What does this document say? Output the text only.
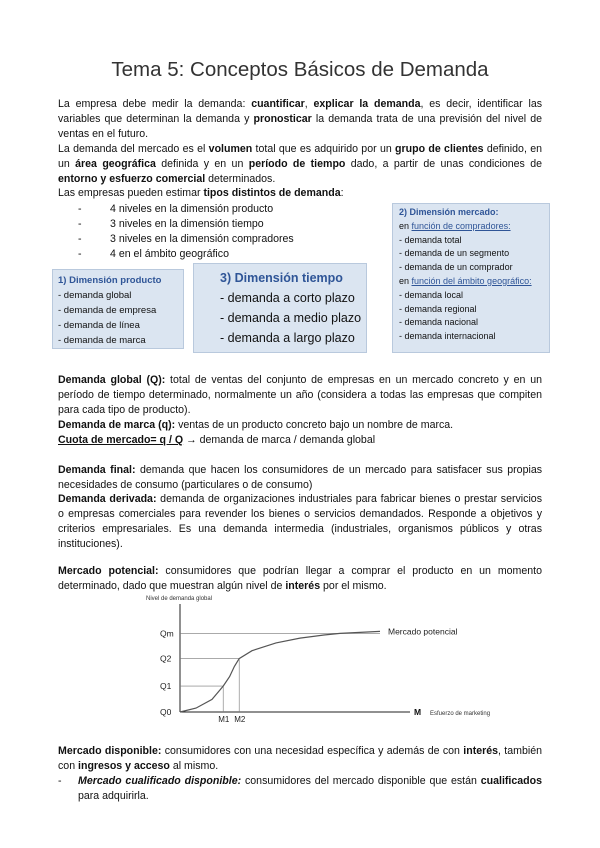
Tema 5: Conceptos Básicos de Demanda
La empresa debe medir la demanda: cuantificar, explicar la demanda, es decir, identificar las variables que determinan la demanda y pronosticar la demanda trata de una previsión del nivel de ventas en el futuro.
La demanda del mercado es el volumen total que es adquirido por un grupo de clientes definido, en un área geográfica definida y en un período de tiempo dado, a partir de unas condiciones de entorno y esfuerzo comercial determinados.
Las empresas pueden estimar tipos distintos de demanda:
-	4 niveles en la dimensión producto
-	3 niveles en la dimensión tiempo
-	3 niveles en la dimensión compradores
-	4 en el ámbito geográfico
1) Dimensión producto
- demanda global
- demanda de empresa
- demanda de línea
- demanda de marca
3) Dimensión tiempo
- demanda a corto plazo
- demanda a medio plazo
- demanda a largo plazo
2) Dimensión mercado:
en función de compradores:
- demanda total
- demanda de un segmento
- demanda de un comprador
en función del ámbito geográfico:
- demanda local
- demanda regional
- demanda nacional
- demanda internacional
Demanda global (Q): total de ventas del conjunto de empresas en un mercado concreto y en un período de tiempo determinado, normalmente un año (considera a todas las empresas que compiten para cada tipo de producto).
Demanda de marca (q): ventas de un producto concreto bajo un nombre de marca.
Cuota de mercado= q / Q → demanda de marca / demanda global
Demanda final: demanda que hacen los consumidores de un mercado para satisfacer sus propias necesidades de consumo (particulares o de consumo)
Demanda derivada: demanda de organizaciones industriales para fabricar bienes o prestar servicios o empresas comerciales para revender los bienes o servicios demandados. Responde a objetivos y criterios empresariales. Es una demanda intermedia (industriales, organismos públicos y otras instituciones).
Mercado potencial: consumidores que podrían llegar a comprar el producto en un momento determinado, dado que muestran algún nivel de interés por el mismo.
Nivel de demanda global
Qm
Q2
Q1
Q0
M1 M2
Mercado potencial
M Esfuerzo de marketing
Mercado disponible: consumidores con una necesidad específica y además de con interés, también con ingresos y acceso al mismo.
- Mercado cualificado disponible: consumidores del mercado disponible que están cualificados para adquirirla.
